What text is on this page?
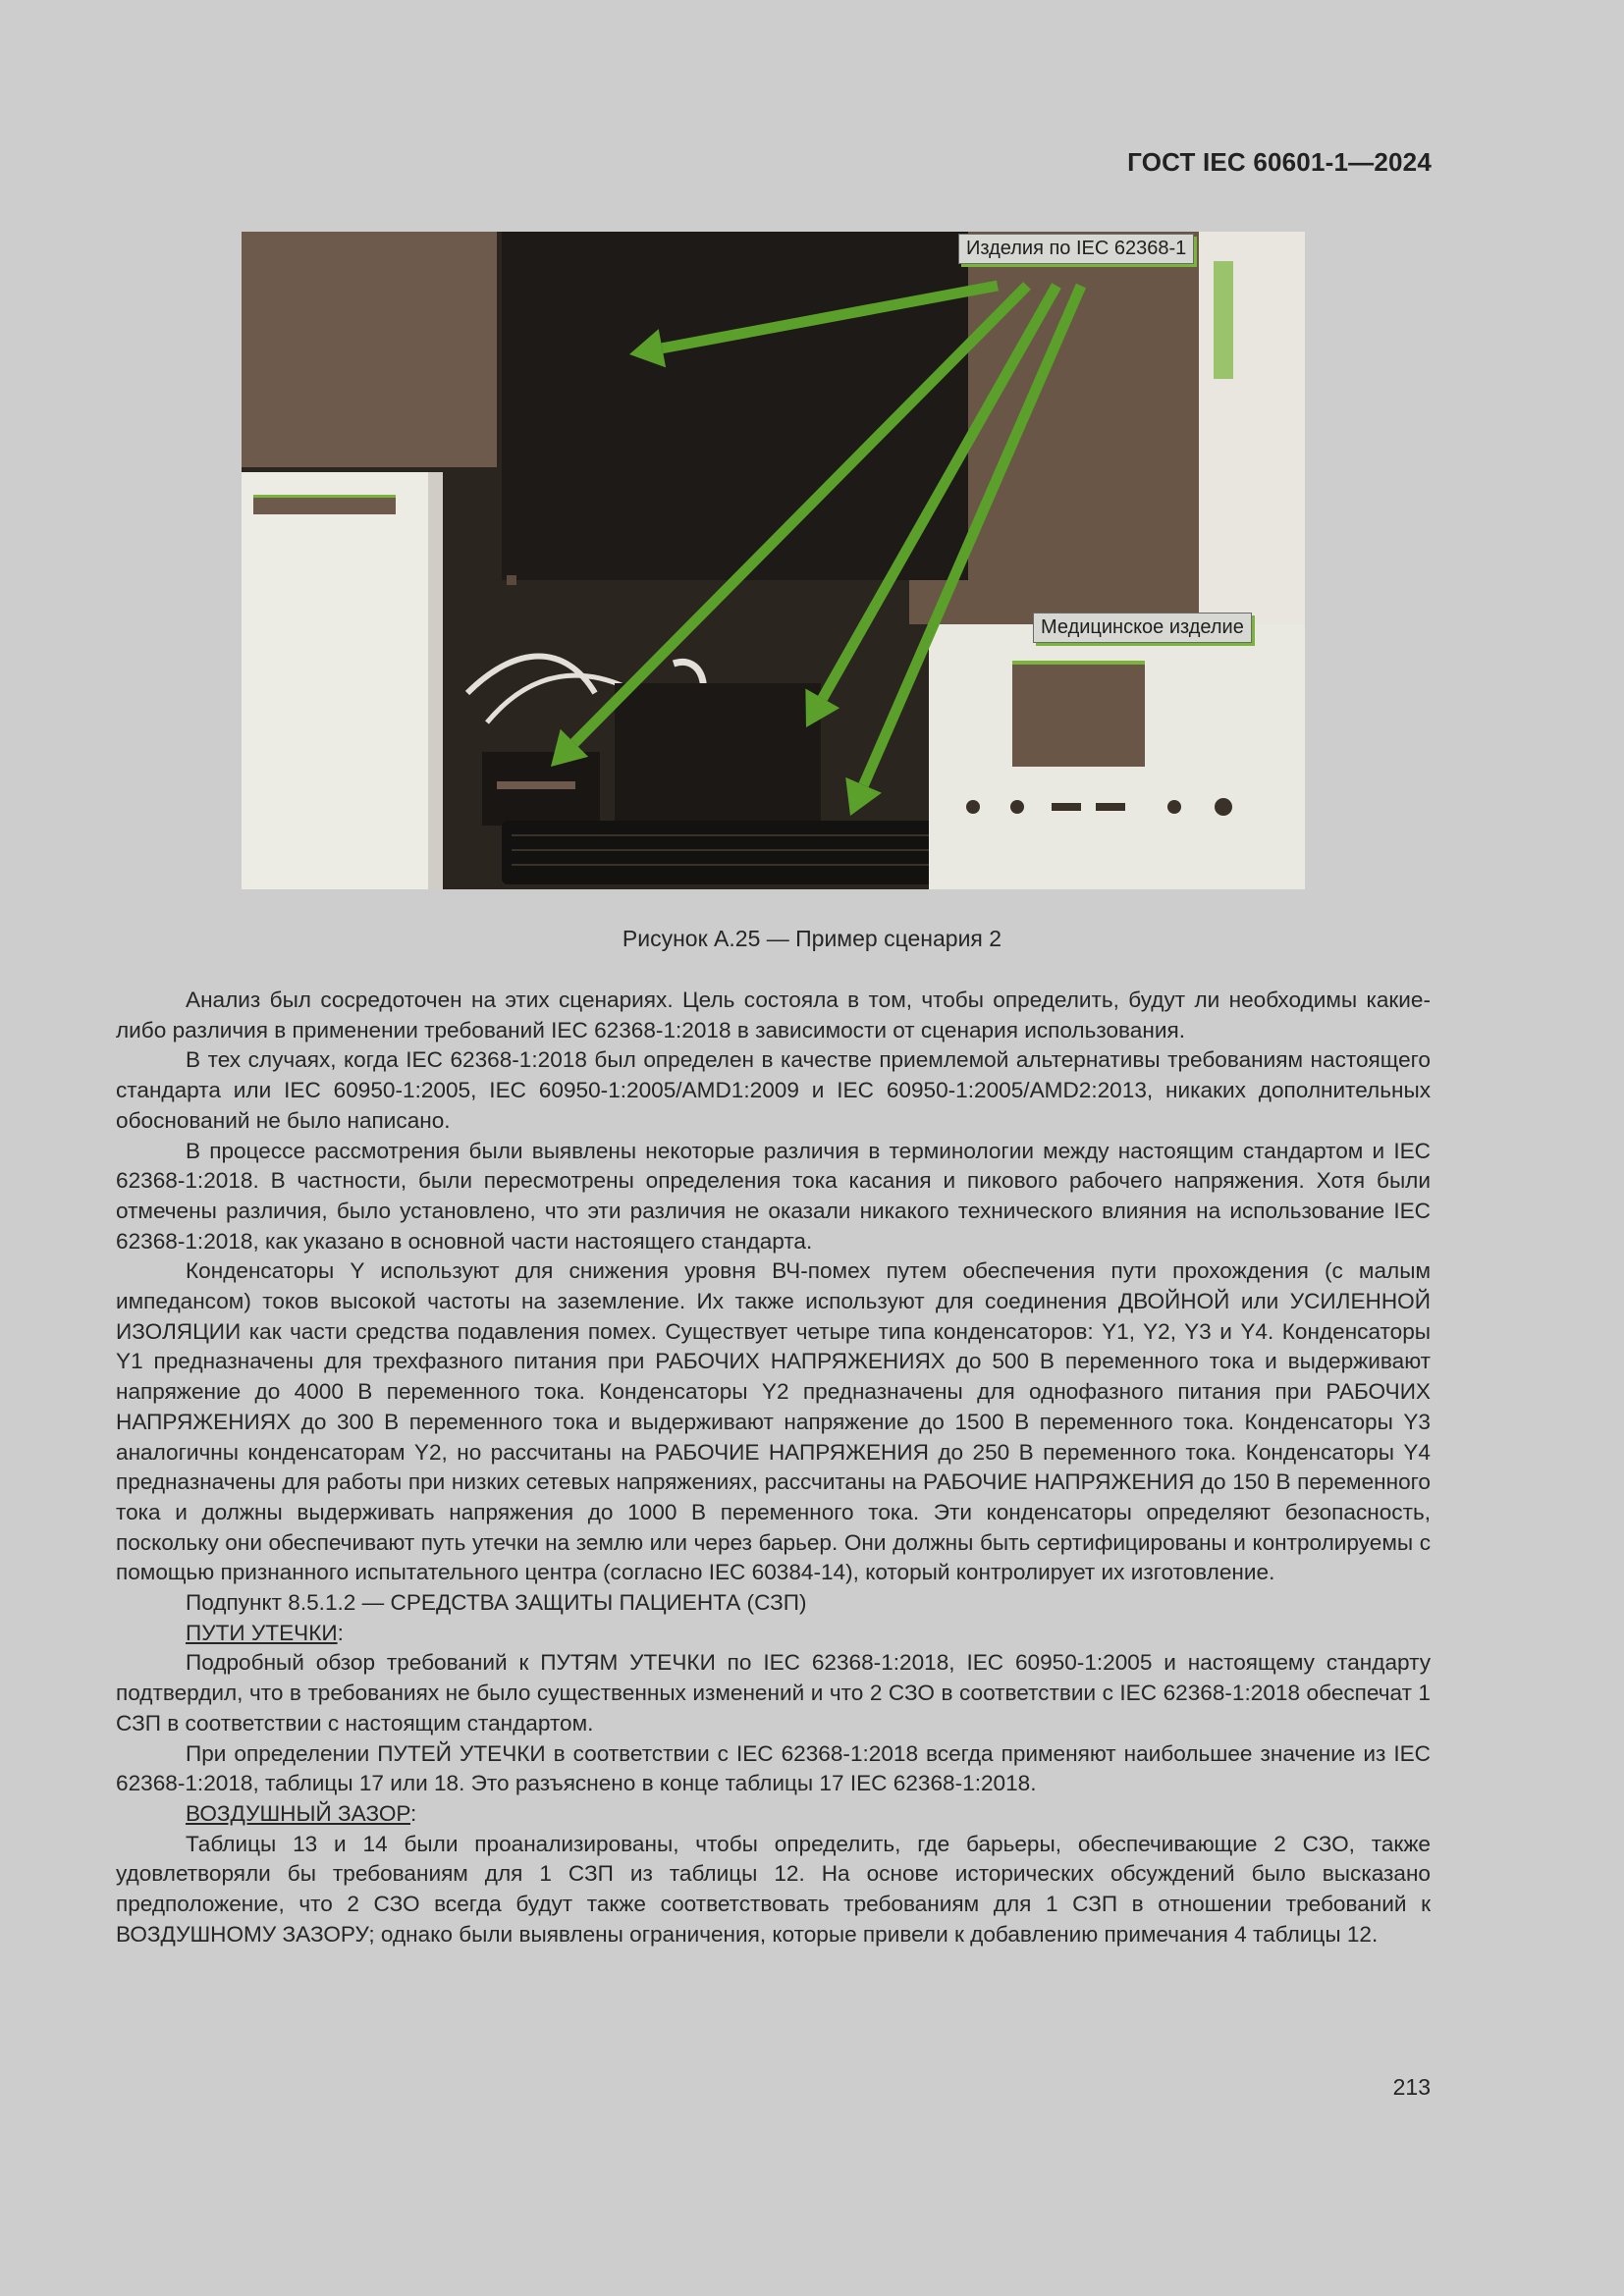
ГОСТ IEC 60601-1—2024
Изделия по IEC 62368-1
Медицинское изделие
Рисунок А.25 — Пример сценария 2

Анализ был сосредоточен на этих сценариях. Цель состояла в том, чтобы определить, будут ли необходимы какие-либо различия в применении требований IEC 62368-1:2018 в зависимости от сценария использования.

В тех случаях, когда IEC 62368-1:2018 был определен в качестве приемлемой альтернативы требованиям настоящего стандарта или IEC 60950-1:2005, IEC 60950-1:2005/AMD1:2009 и IEC 60950-1:2005/AMD2:2013, никаких дополнительных обоснований не было написано.

В процессе рассмотрения были выявлены некоторые различия в терминологии между настоящим стандартом и IEC 62368-1:2018. В частности, были пересмотрены определения тока касания и пикового рабочего напряжения. Хотя были отмечены различия, было установлено, что эти различия не оказали никакого технического влияния на использование IEC 62368-1:2018, как указано в основной части настоящего стандарта.

Конденсаторы Y используют для снижения уровня ВЧ-помех путем обеспечения пути прохождения (с малым импедансом) токов высокой частоты на заземление. Их также используют для соединения ДВОЙНОЙ или УСИЛЕННОЙ ИЗОЛЯЦИИ как части средства подавления помех. Существует четыре типа конденсаторов: Y1, Y2, Y3 и Y4. Конденсаторы Y1 предназначены для трехфазного питания при РАБОЧИХ НАПРЯЖЕНИЯХ до 500 В переменного тока и выдерживают напряжение до 4000 В переменного тока. Конденсаторы Y2 предназначены для однофазного питания при РАБОЧИХ НАПРЯЖЕНИЯХ до 300 В переменного тока и выдерживают напряжение до 1500 В переменного тока. Конденсаторы Y3 аналогичны конденсаторам Y2, но рассчитаны на РАБОЧИЕ НАПРЯЖЕНИЯ до 250 В переменного тока. Конденсаторы Y4 предназначены для работы при низких сетевых напряжениях, рассчитаны на РАБОЧИЕ НАПРЯЖЕНИЯ до 150 В переменного тока и должны выдерживать напряжения до 1000 В переменного тока. Эти конденсаторы определяют безопасность, поскольку они обеспечивают путь утечки на землю или через барьер. Они должны быть сертифицированы и контролируемы с помощью признанного испытательного центра (согласно IEC 60384-14), который контролирует их изготовление.

Подпункт 8.5.1.2 — СРЕДСТВА ЗАЩИТЫ ПАЦИЕНТА (СЗП)

ПУТИ УТЕЧКИ:

Подробный обзор требований к ПУТЯМ УТЕЧКИ по IEC 62368-1:2018, IEC 60950-1:2005 и настоящему стандарту подтвердил, что в требованиях не было существенных изменений и что 2 СЗО в соответствии с IEC 62368-1:2018 обеспечат 1 СЗП в соответствии с настоящим стандартом.

При определении ПУТЕЙ УТЕЧКИ в соответствии с IEC 62368-1:2018 всегда применяют наибольшее значение из IEC 62368-1:2018, таблицы 17 или 18. Это разъяснено в конце таблицы 17 IEC 62368-1:2018.

ВОЗДУШНЫЙ ЗАЗОР:

Таблицы 13 и 14 были проанализированы, чтобы определить, где барьеры, обеспечивающие 2 СЗО, также удовлетворяли бы требованиям для 1 СЗП из таблицы 12. На основе исторических обсуждений было высказано предположение, что 2 СЗО всегда будут также соответствовать требованиям для 1 СЗП в отношении требований к ВОЗДУШНОМУ ЗАЗОРУ; однако были выявлены ограничения, которые привели к добавлению примечания 4 таблицы 12.

213
